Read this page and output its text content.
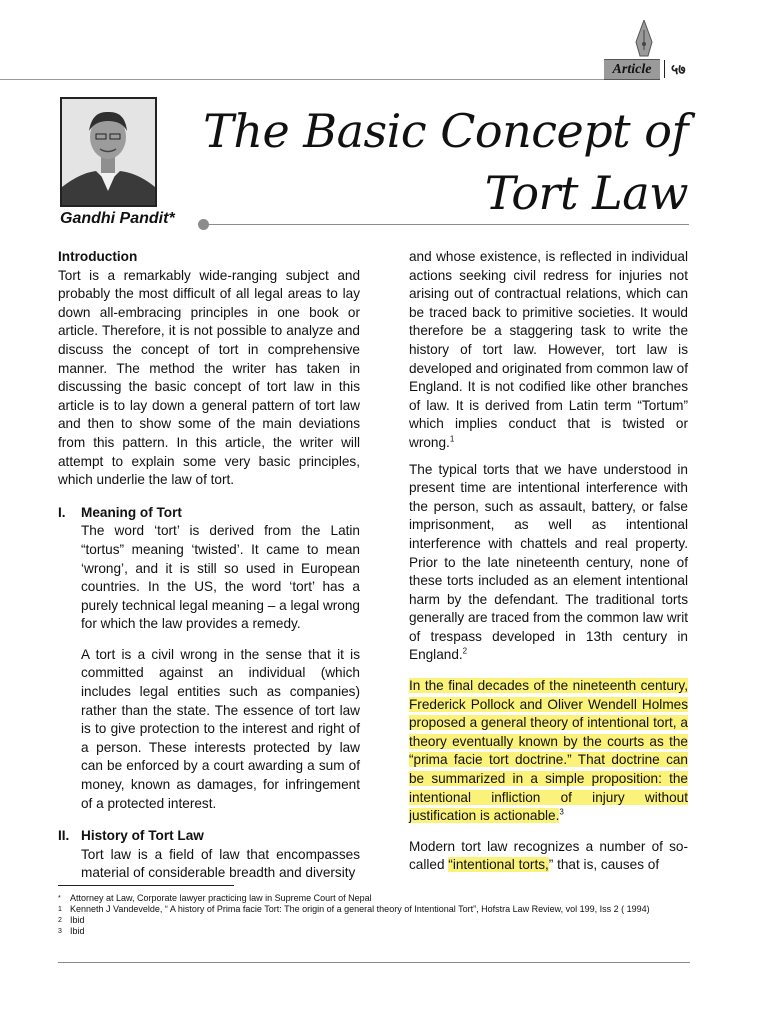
Article	५७
The Basic Concept of
Tort Law
Gandhi Pandit*
Introduction

Tort is a remarkably wide-ranging subject and probably the most difficult of all legal areas to lay down all-embracing principles in one book or article. Therefore, it is not possible to analyze and discuss the concept of tort in comprehensive manner. The method the writer has taken in discussing the basic concept of tort law in this article is to lay down a general pattern of tort law and then to show some of the main deviations from this pattern. In this article, the writer will attempt to explain some very basic principles, which underlie the law of tort.

I.	Meaning of Tort

The word ‘tort’ is derived from the Latin “tortus” meaning ‘twisted’. It came to mean ‘wrong’, and it is still so used in European countries. In the US, the word ‘tort’ has a purely technical legal meaning – a legal wrong for which the law provides a remedy.

A tort is a civil wrong in the sense that it is committed against an individual (which includes legal entities such as companies) rather than the state. The essence of tort law is to give protection to the interest and right of a person. These interests protected by law can be enforced by a court awarding a sum of money, known as damages, for infringement of a protected interest.

II. History of Tort Law

Tort law is a field of law that encompasses material of considerable breadth and diversity

and whose existence, is reflected in individual actions seeking civil redress for injuries not arising out of contractual relations, which can be traced back to primitive societies. It would therefore be a staggering task to write the history of tort law. However, tort law is developed and originated from common law of England. It is not codified like other branches of law. It is derived from Latin term “Tortum” which implies conduct that is twisted or wrong.$^1$

The typical torts that we have understood in present time are intentional interference with the person, such as assault, battery, or false imprisonment, as well as intentional interference with chattels and real property. Prior to the late nineteenth century, none of these torts included as an element intentional harm by the defendant. The traditional torts generally are traced from the common law writ of trespass developed in 13th century in England.$^2$

In the final decades of the nineteenth century, Frederick Pollock and Oliver Wendell Holmes proposed a general theory of intentional tort, a theory eventually known by the courts as the “prima facie tort doctrine.” That doctrine can be summarized in a simple proposition: the intentional infliction of injury without justification is actionable.$^3$

Modern tort law recognizes a number of so-called “intentional torts,” that is, causes of

*	Attorney at Law, Corporate lawyer practicing law in Supreme Court of Nepal
1 Kenneth J Vandevelde, “ A history of Prima facie Tort: The origin of a general theory of Intentional Tort”, Hofstra Law Review, vol 199, Iss 2 ( 1994)
2 Ibid
3 Ibid
